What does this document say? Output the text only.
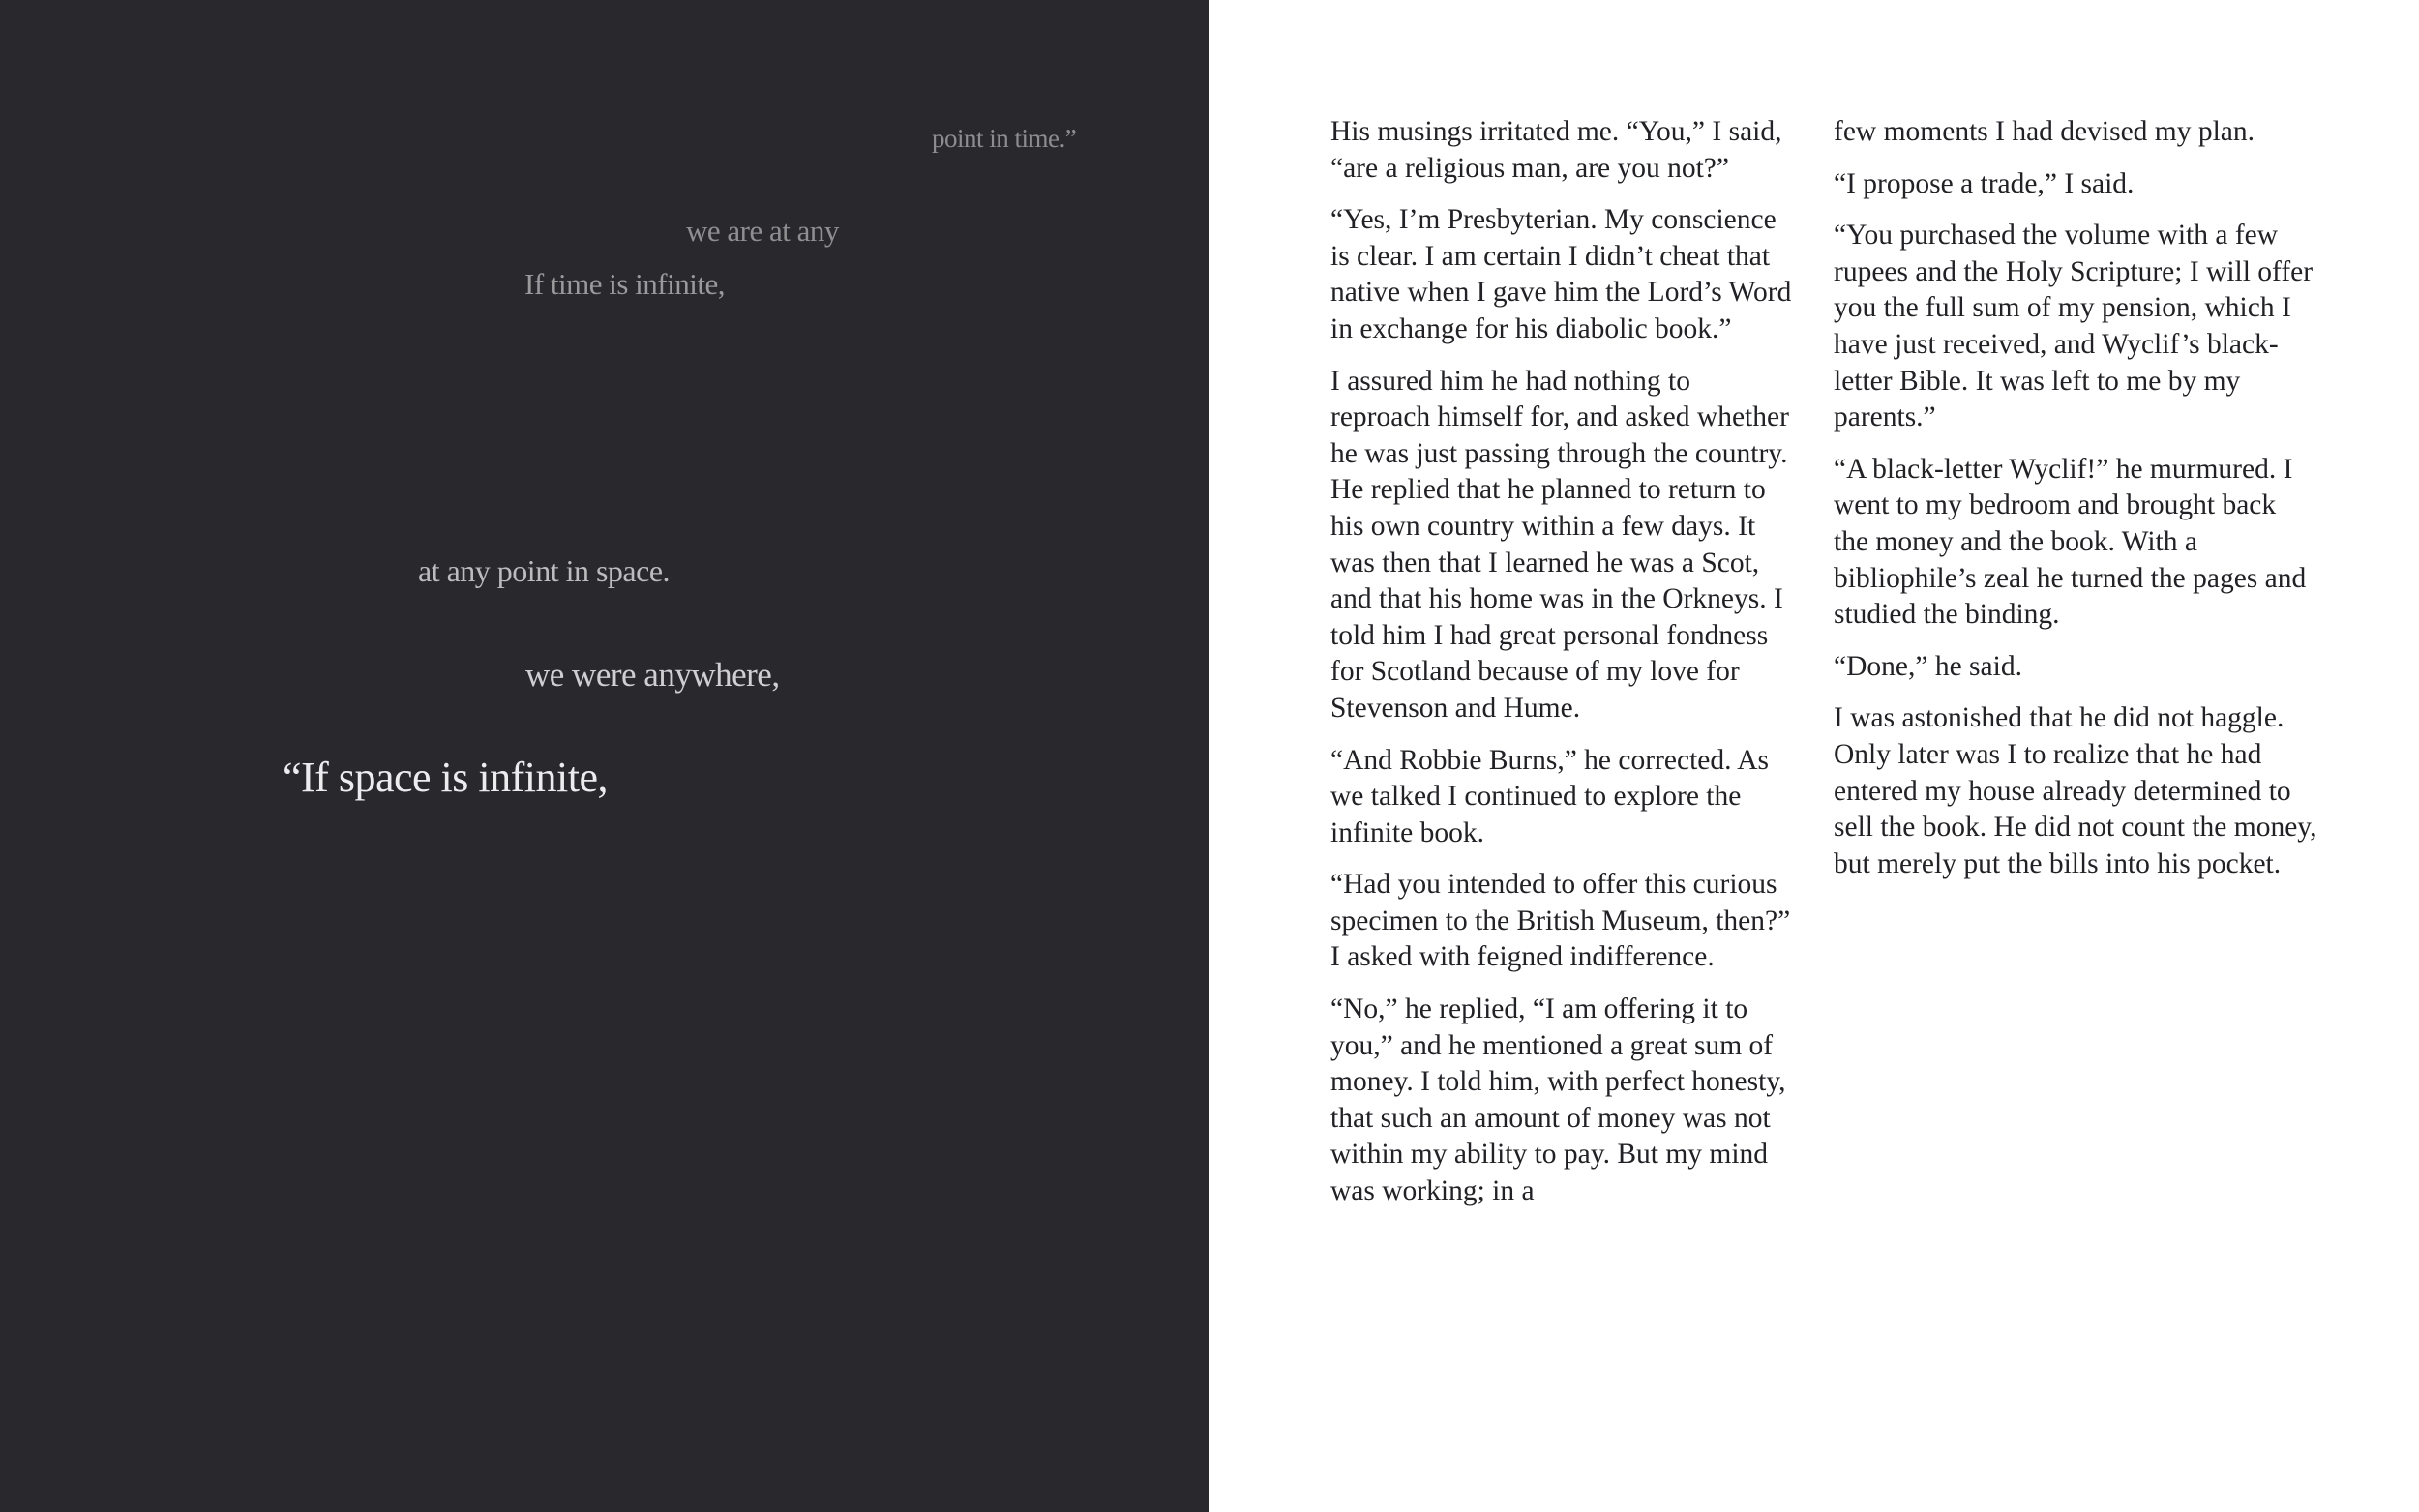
point in time.”
we are at any
If time is infinite,
at any point in space.
we were anywhere,
“If space is infinite,

His musings irritated me. “You,” I said, “are a religious man, are you not?”

“Yes, I’m Presbyterian. My conscience is clear. I am certain I didn’t cheat that native when I gave him the Lord’s Word in exchange for his diabolic book.”

I assured him he had nothing to reproach himself for, and asked whether he was just passing through the country. He replied that he planned to return to his own country within a few days. It was then that I learned he was a Scot, and that his home was in the Orkneys. I told him I had great personal fondness for Scotland because of my love for Stevenson and Hume.

“And Robbie Burns,” he corrected. As we talked I continued to explore the infinite book.

“Had you intended to offer this curious specimen to the British Museum, then?” I asked with feigned indifference.

“No,” he replied, “I am offering it to you,” and he mentioned a great sum of money. I told him, with perfect honesty, that such an amount of money was not within my ability to pay. But my mind was working; in a

few moments I had devised my plan.

“I propose a trade,” I said.

“You purchased the volume with a few rupees and the Holy Scripture; I will offer you the full sum of my pension, which I have just received, and Wyclif’s black-letter Bible. It was left to me by my parents.”

“A black-letter Wyclif!” he murmured. I went to my bedroom and brought back the money and the book. With a bibliophile’s zeal he turned the pages and studied the binding.

“Done,” he said.

I was astonished that he did not haggle. Only later was I to realize that he had entered my house already determined to sell the book. He did not count the money, but merely put the bills into his pocket.
